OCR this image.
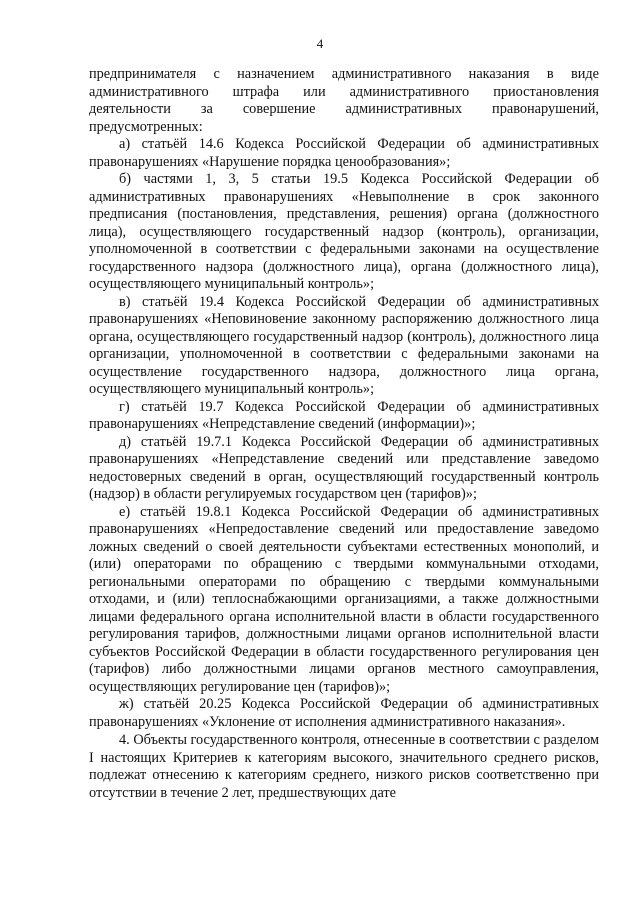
4

предпринимателя с назначением административного наказания в виде административного штрафа или административного приостановления деятельности за совершение административных правонарушений, предусмотренных:

а) статьёй 14.6 Кодекса Российской Федерации об административных правонарушениях «Нарушение порядка ценообразования»;

б) частями 1, 3, 5 статьи 19.5 Кодекса Российской Федерации об административных правонарушениях «Невыполнение в срок законного предписания (постановления, представления, решения) органа (должностного лица), осуществляющего государственный надзор (контроль), организации, уполномоченной в соответствии с федеральными законами на осуществление государственного надзора (должностного лица), органа (должностного лица), осуществляющего муниципальный контроль»;

в) статьёй 19.4 Кодекса Российской Федерации об административных правонарушениях «Неповиновение законному распоряжению должностного лица органа, осуществляющего государственный надзор (контроль), должностного лица организации, уполномоченной в соответствии с федеральными законами на осуществление государственного надзора, должностного лица органа, осуществляющего муниципальный контроль»;

г) статьёй 19.7 Кодекса Российской Федерации об административных правонарушениях «Непредставление сведений (информации)»;

д) статьёй 19.7.1 Кодекса Российской Федерации об административных правонарушениях «Непредставление сведений или представление заведомо недостоверных сведений в орган, осуществляющий государственный контроль (надзор) в области регулируемых государством цен (тарифов)»;

е) статьёй 19.8.1 Кодекса Российской Федерации об административных правонарушениях «Непредоставление сведений или предоставление заведомо ложных сведений о своей деятельности субъектами естественных монополий, и (или) операторами по обращению с твердыми коммунальными отходами, региональными операторами по обращению с твердыми коммунальными отходами, и (или) теплоснабжающими организациями, а также должностными лицами федерального органа исполнительной власти в области государственного регулирования тарифов, должностными лицами органов исполнительной власти субъектов Российской Федерации в области государственного регулирования цен (тарифов) либо должностными лицами органов местного самоуправления, осуществляющих регулирование цен (тарифов)»;

ж) статьёй 20.25 Кодекса Российской Федерации об административных правонарушениях «Уклонение от исполнения административного наказания».

4. Объекты государственного контроля, отнесенные в соответствии с разделом I настоящих Критериев к категориям высокого, значительного среднего рисков, подлежат отнесению к категориям среднего, низкого рисков соответственно при отсутствии в течение 2 лет, предшествующих дате
